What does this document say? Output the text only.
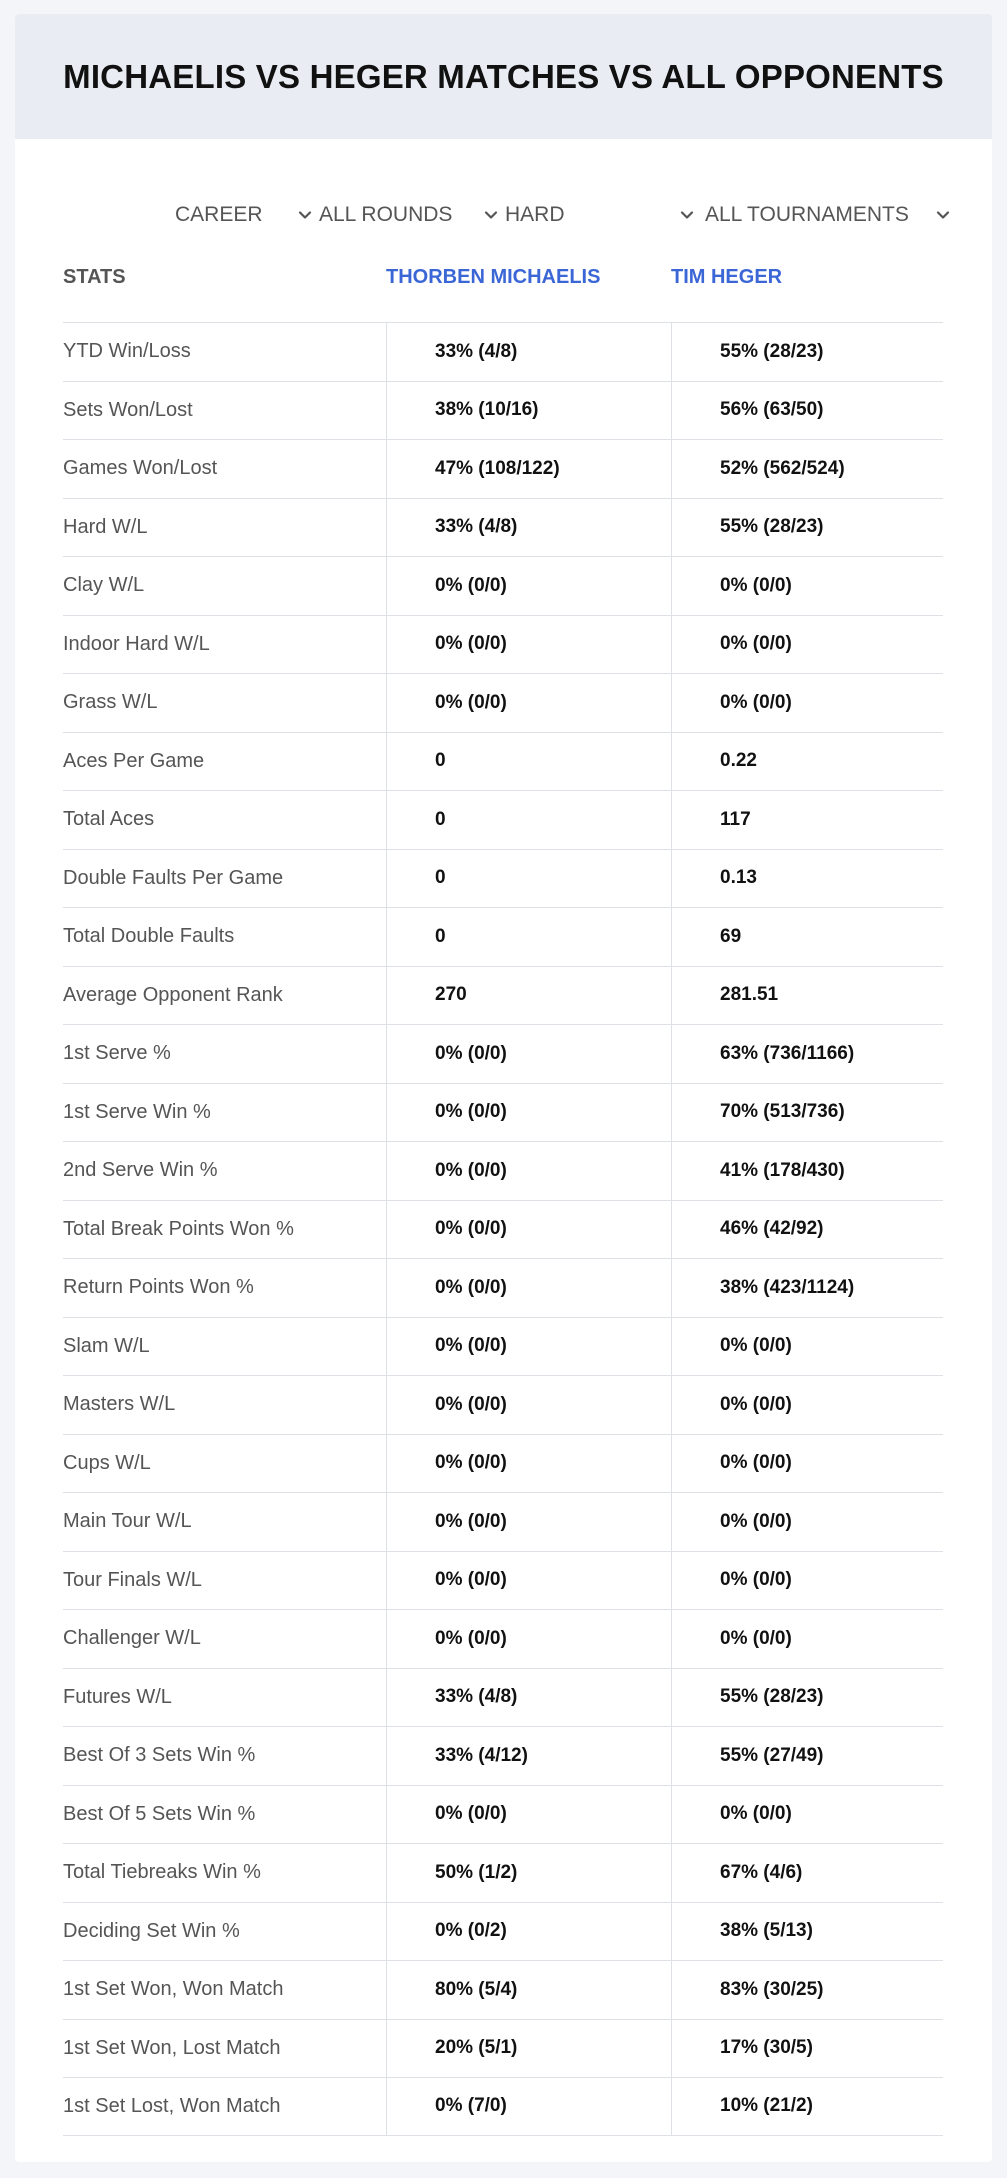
MICHAELIS VS HEGER MATCHES VS ALL OPPONENTS
CAREER	ALL ROUNDS	HARD	ALL TOURNAMENTS
STATS	THORBEN MICHAELIS	TIM HEGER
YTD Win/Loss	33% (4/8)	55% (28/23)
Sets Won/Lost	38% (10/16)	56% (63/50)
Games Won/Lost	47% (108/122)	52% (562/524)
Hard W/L	33% (4/8)	55% (28/23)
Clay W/L	0% (0/0)	0% (0/0)
Indoor Hard W/L	0% (0/0)	0% (0/0)
Grass W/L	0% (0/0)	0% (0/0)
Aces Per Game	0	0.22
Total Aces	0	117
Double Faults Per Game	0	0.13
Total Double Faults	0	69
Average Opponent Rank	270	281.51
1st Serve %	0% (0/0)	63% (736/1166)
1st Serve Win %	0% (0/0)	70% (513/736)
2nd Serve Win %	0% (0/0)	41% (178/430)
Total Break Points Won %	0% (0/0)	46% (42/92)
Return Points Won %	0% (0/0)	38% (423/1124)
Slam W/L	0% (0/0)	0% (0/0)
Masters W/L	0% (0/0)	0% (0/0)
Cups W/L	0% (0/0)	0% (0/0)
Main Tour W/L	0% (0/0)	0% (0/0)
Tour Finals W/L	0% (0/0)	0% (0/0)
Challenger W/L	0% (0/0)	0% (0/0)
Futures W/L	33% (4/8)	55% (28/23)
Best Of 3 Sets Win %	33% (4/12)	55% (27/49)
Best Of 5 Sets Win %	0% (0/0)	0% (0/0)
Total Tiebreaks Win %	50% (1/2)	67% (4/6)
Deciding Set Win %	0% (0/2)	38% (5/13)
1st Set Won, Won Match	80% (5/4)	83% (30/25)
1st Set Won, Lost Match	20% (5/1)	17% (30/5)
1st Set Lost, Won Match	0% (7/0)	10% (21/2)
